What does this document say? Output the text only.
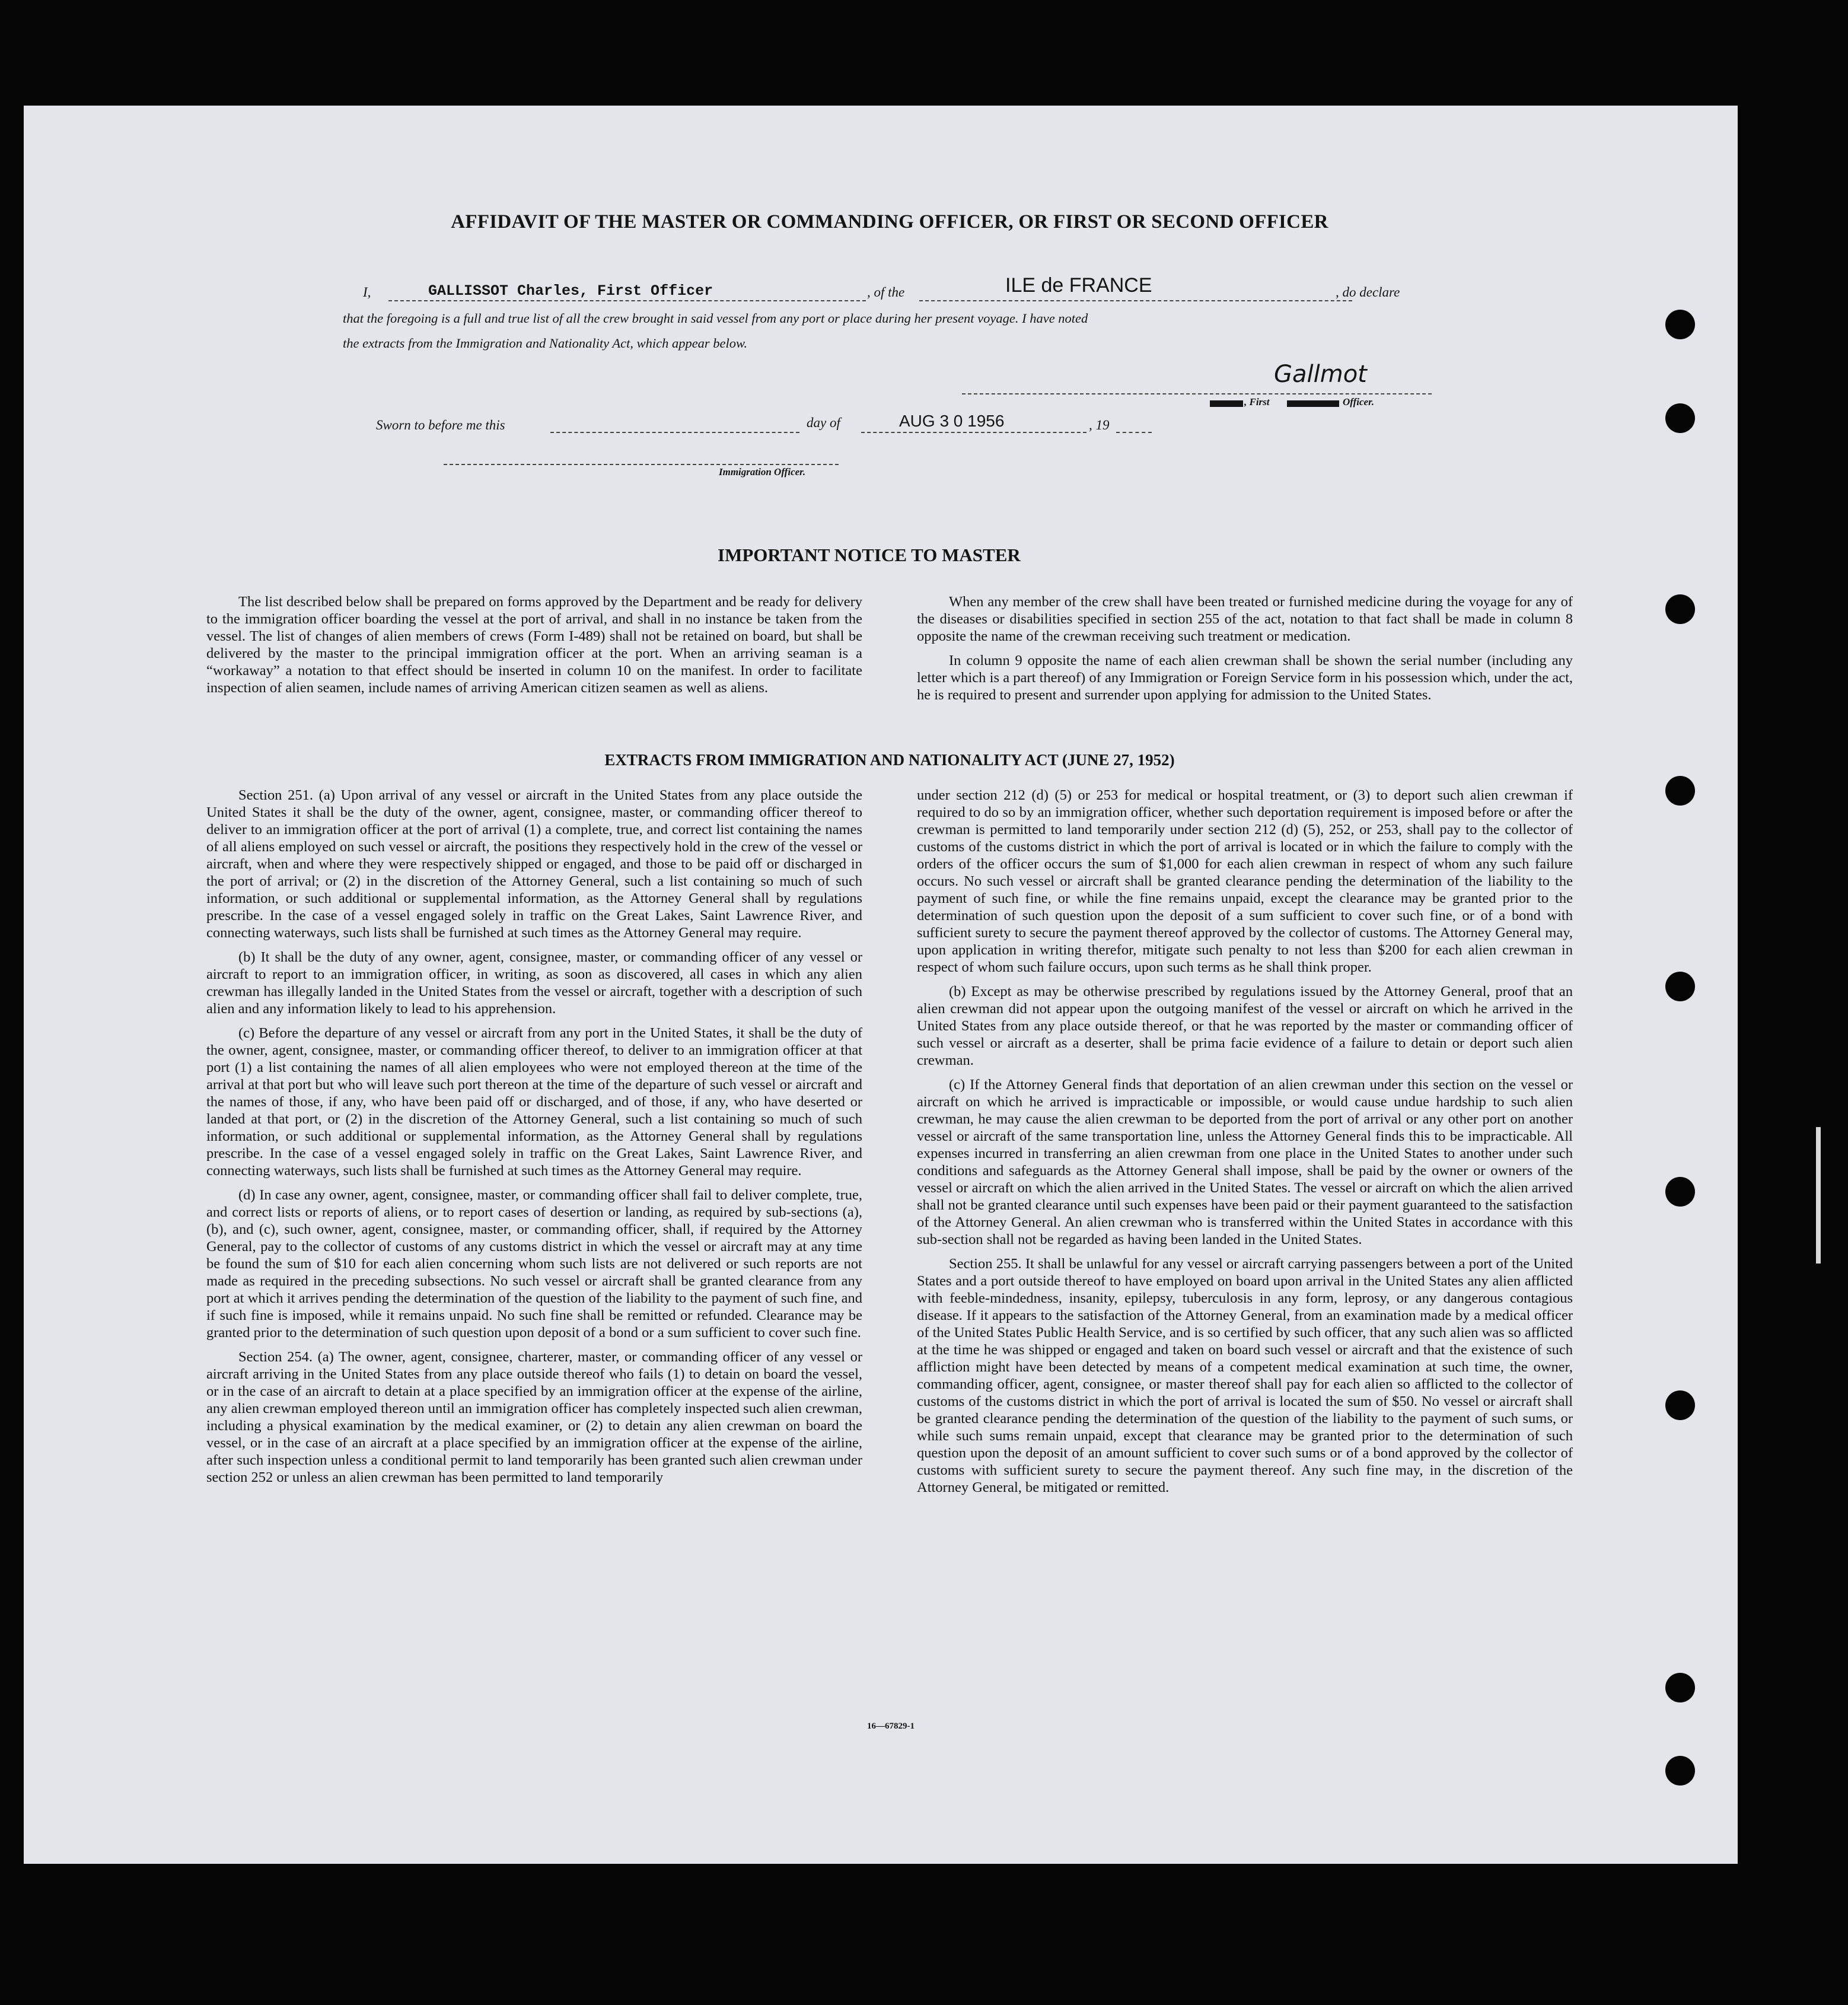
AFFIDAVIT OF THE MASTER OR COMMANDING OFFICER, OR FIRST OR SECOND OFFICER
I,	GALLISSOT Charles, First Officer	, of the	ILE de FRANCE	, do declare
that the foregoing is a full and true list of all the crew brought in said vessel from any port or place during her present voyage. I have noted
the extracts from the Immigration and Nationality Act, which appear below.
Gallmot
, First	Officer.
Sworn to before me this	day of	AUG 3 0 1956	, 19
Immigration Officer.
IMPORTANT NOTICE TO MASTER

The list described below shall be prepared on forms approved by the Department and be ready for delivery to the immigration officer boarding the vessel at the port of arrival, and shall in no instance be taken from the vessel. The list of changes of alien members of crews (Form I-489) shall not be retained on board, but shall be delivered by the master to the principal immigration officer at the port. When an arriving seaman is a “workaway” a notation to that effect should be inserted in column 10 on the manifest. In order to facilitate inspection of alien seamen, include names of arriving American citizen seamen as well as aliens.

When any member of the crew shall have been treated or furnished medicine during the voyage for any of the diseases or disabilities specified in section 255 of the act, notation to that fact shall be made in column 8 opposite the name of the crewman receiving such treatment or medication.

In column 9 opposite the name of each alien crewman shall be shown the serial number (including any letter which is a part thereof) of any Immigration or Foreign Service form in his possession which, under the act, he is required to present and surrender upon applying for admission to the United States.

EXTRACTS FROM IMMIGRATION AND NATIONALITY ACT (JUNE 27, 1952)

Section 251. (a) Upon arrival of any vessel or aircraft in the United States from any place outside the United States it shall be the duty of the owner, agent, consignee, master, or commanding officer thereof to deliver to an immigration officer at the port of arrival (1) a complete, true, and correct list containing the names of all aliens employed on such vessel or aircraft, the positions they respectively hold in the crew of the vessel or aircraft, when and where they were respectively shipped or engaged, and those to be paid off or discharged in the port of arrival; or (2) in the discretion of the Attorney General, such a list containing so much of such information, or such additional or supplemental information, as the Attorney General shall by regulations prescribe. In the case of a vessel engaged solely in traffic on the Great Lakes, Saint Lawrence River, and connecting waterways, such lists shall be furnished at such times as the Attorney General may require.

(b) It shall be the duty of any owner, agent, consignee, master, or commanding officer of any vessel or aircraft to report to an immigration officer, in writing, as soon as discovered, all cases in which any alien crewman has illegally landed in the United States from the vessel or aircraft, together with a description of such alien and any information likely to lead to his apprehension.

(c) Before the departure of any vessel or aircraft from any port in the United States, it shall be the duty of the owner, agent, consignee, master, or commanding officer thereof, to deliver to an immigration officer at that port (1) a list containing the names of all alien employees who were not employed thereon at the time of the arrival at that port but who will leave such port thereon at the time of the departure of such vessel or aircraft and the names of those, if any, who have been paid off or discharged, and of those, if any, who have deserted or landed at that port, or (2) in the discretion of the Attorney General, such a list containing so much of such information, or such additional or supplemental information, as the Attorney General shall by regulations prescribe. In the case of a vessel engaged solely in traffic on the Great Lakes, Saint Lawrence River, and connecting waterways, such lists shall be furnished at such times as the Attorney General may require.

(d) In case any owner, agent, consignee, master, or commanding officer shall fail to deliver complete, true, and correct lists or reports of aliens, or to report cases of desertion or landing, as required by sub-sections (a), (b), and (c), such owner, agent, consignee, master, or commanding officer, shall, if required by the Attorney General, pay to the collector of customs of any customs district in which the vessel or aircraft may at any time be found the sum of $10 for each alien concerning whom such lists are not delivered or such reports are not made as required in the preceding subsections. No such vessel or aircraft shall be granted clearance from any port at which it arrives pending the determination of the question of the liability to the payment of such fine, and if such fine is imposed, while it remains unpaid. No such fine shall be remitted or refunded. Clearance may be granted prior to the determination of such question upon deposit of a bond or a sum sufficient to cover such fine.

Section 254. (a) The owner, agent, consignee, charterer, master, or commanding officer of any vessel or aircraft arriving in the United States from any place outside thereof who fails (1) to detain on board the vessel, or in the case of an aircraft to detain at a place specified by an immigration officer at the expense of the airline, any alien crewman employed thereon until an immigration officer has completely inspected such alien crewman, including a physical examination by the medical examiner, or (2) to detain any alien crewman on board the vessel, or in the case of an aircraft at a place specified by an immigration officer at the expense of the airline, after such inspection unless a conditional permit to land temporarily has been granted such alien crewman under section 252 or unless an alien crewman has been permitted to land temporarily

under section 212 (d) (5) or 253 for medical or hospital treatment, or (3) to deport such alien crewman if required to do so by an immigration officer, whether such deportation requirement is imposed before or after the crewman is permitted to land temporarily under section 212 (d) (5), 252, or 253, shall pay to the collector of customs of the customs district in which the port of arrival is located or in which the failure to comply with the orders of the officer occurs the sum of $1,000 for each alien crewman in respect of whom any such failure occurs. No such vessel or aircraft shall be granted clearance pending the determination of the liability to the payment of such fine, or while the fine remains unpaid, except the clearance may be granted prior to the determination of such question upon the deposit of a sum sufficient to cover such fine, or of a bond with sufficient surety to secure the payment thereof approved by the collector of customs. The Attorney General may, upon application in writing therefor, mitigate such penalty to not less than $200 for each alien crewman in respect of whom such failure occurs, upon such terms as he shall think proper.

(b) Except as may be otherwise prescribed by regulations issued by the Attorney General, proof that an alien crewman did not appear upon the outgoing manifest of the vessel or aircraft on which he arrived in the United States from any place outside thereof, or that he was reported by the master or commanding officer of such vessel or aircraft as a deserter, shall be prima facie evidence of a failure to detain or deport such alien crewman.

(c) If the Attorney General finds that deportation of an alien crewman under this section on the vessel or aircraft on which he arrived is impracticable or impossible, or would cause undue hardship to such alien crewman, he may cause the alien crewman to be deported from the port of arrival or any other port on another vessel or aircraft of the same transportation line, unless the Attorney General finds this to be impracticable. All expenses incurred in transferring an alien crewman from one place in the United States to another under such conditions and safeguards as the Attorney General shall impose, shall be paid by the owner or owners of the vessel or aircraft on which the alien arrived in the United States. The vessel or aircraft on which the alien arrived shall not be granted clearance until such expenses have been paid or their payment guaranteed to the satisfaction of the Attorney General. An alien crewman who is transferred within the United States in accordance with this sub-section shall not be regarded as having been landed in the United States.

Section 255. It shall be unlawful for any vessel or aircraft carrying passengers between a port of the United States and a port outside thereof to have employed on board upon arrival in the United States any alien afflicted with feeble-mindedness, insanity, epilepsy, tuberculosis in any form, leprosy, or any dangerous contagious disease. If it appears to the satisfaction of the Attorney General, from an examination made by a medical officer of the United States Public Health Service, and is so certified by such officer, that any such alien was so afflicted at the time he was shipped or engaged and taken on board such vessel or aircraft and that the existence of such affliction might have been detected by means of a competent medical examination at such time, the owner, commanding officer, agent, consignee, or master thereof shall pay for each alien so afflicted to the collector of customs of the customs district in which the port of arrival is located the sum of $50. No vessel or aircraft shall be granted clearance pending the determination of the question of the liability to the payment of such sums, or while such sums remain unpaid, except that clearance may be granted prior to the determination of such question upon the deposit of an amount sufficient to cover such sums or of a bond approved by the collector of customs with sufficient surety to secure the payment thereof. Any such fine may, in the discretion of the Attorney General, be mitigated or remitted.

16—67829-1
